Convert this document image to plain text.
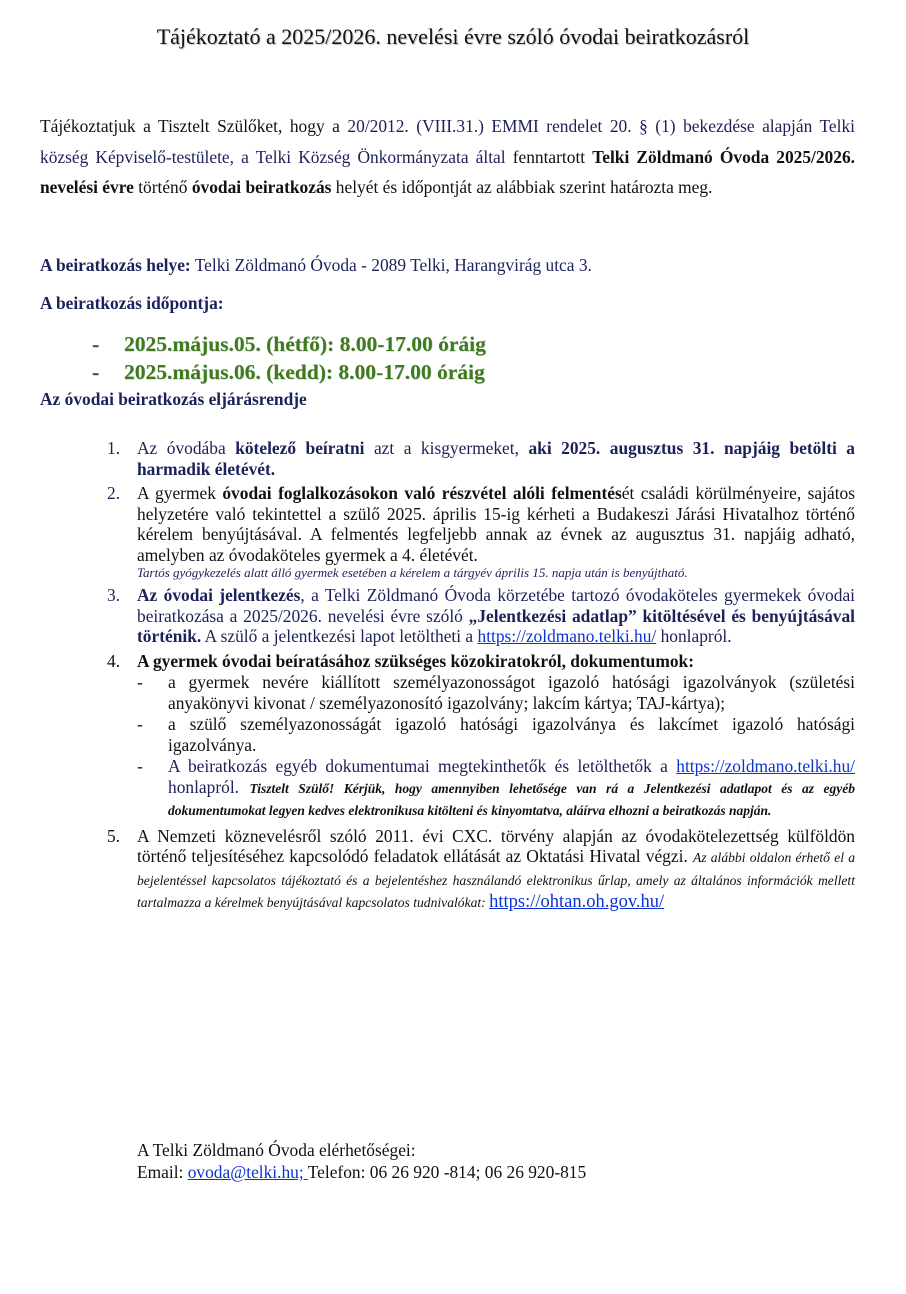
Tájékoztató a 2025/2026. nevelési évre szóló óvodai beiratkozásról
Tájékoztatjuk a Tisztelt Szülőket, hogy a 20/2012. (VIII.31.) EMMI rendelet 20. § (1) bekezdése alapján Telki község Képviselő-testülete, a Telki Község Önkormányzata által fenntartott Telki Zöldmanó Óvoda 2025/2026. nevelési évre történő óvodai beiratkozás helyét és időpontját az alábbiak szerint határozta meg.
A beiratkozás helye: Telki Zöldmanó Óvoda - 2089 Telki, Harangvirág utca 3.
A beiratkozás időpontja:
-	2025.május.05. (hétfő): 8.00-17.00 óráig
-	2025.május.06. (kedd): 8.00-17.00 óráig
Az óvodai beiratkozás eljárásrendje
1. Az óvodába kötelező beíratni azt a kisgyermeket, aki 2025. augusztus 31. napjáig betölti a harmadik életévét.
2. A gyermek óvodai foglalkozásokon való részvétel alóli felmentését családi körülményeire, sajátos helyzetére való tekintettel a szülő 2025. április 15-ig kérheti a Budakeszi Járási Hivatalhoz történő kérelem benyújtásával. A felmentés legfeljebb annak az évnek az augusztus 31. napjáig adható, amelyben az óvodaköteles gyermek a 4. életévét.
Tartós gyógykezelés alatt álló gyermek esetében a kérelem a tárgyév április 15. napja után is benyújtható.
3. Az óvodai jelentkezés, a Telki Zöldmanó Óvoda körzetébe tartozó óvodaköteles gyermekek óvodai beiratkozása a 2025/2026. nevelési évre szóló „Jelentkezési adatlap” kitöltésével és benyújtásával történik. A szülő a jelentkezési lapot letöltheti a https://zoldmano.telki.hu/ honlapról.
4. A gyermek óvodai beíratásához szükséges közokiratokról, dokumentumok:
-	a gyermek nevére kiállított személyazonosságot igazoló hatósági igazolványok (születési anyakönyvi kivonat / személyazonosító igazolvány; lakcím kártya; TAJ-kártya);
-	a szülő személyazonosságát igazoló hatósági igazolványa és lakcímet igazoló hatósági igazolványa.
-	A beiratkozás egyéb dokumentumai megtekinthetők és letölthetők a https://zoldmano.telki.hu/ honlapról. Tisztelt Szülő! Kérjük, hogy amennyiben lehetősége van rá a Jelentkezési adatlapot és az egyéb dokumentumokat legyen kedves elektronikusa kitölteni és kinyomtatva, aláírva elhozni a beiratkozás napján.
5. A Nemzeti köznevelésről szóló 2011. évi CXC. törvény alapján az óvodakötelezettség külföldön történő teljesítéséhez kapcsolódó feladatok ellátását az Oktatási Hivatal végzi. Az alábbi oldalon érhető el a bejelentéssel kapcsolatos tájékoztató és a bejelentéshez használandó elektronikus űrlap, amely az általános információk mellett tartalmazza a kérelmek benyújtásával kapcsolatos tudnivalókat: https://ohtan.oh.gov.hu/
A Telki Zöldmanó Óvoda elérhetőségei:
Email: ovoda@telki.hu; Telefon: 06 26 920 -814; 06 26 920-815
